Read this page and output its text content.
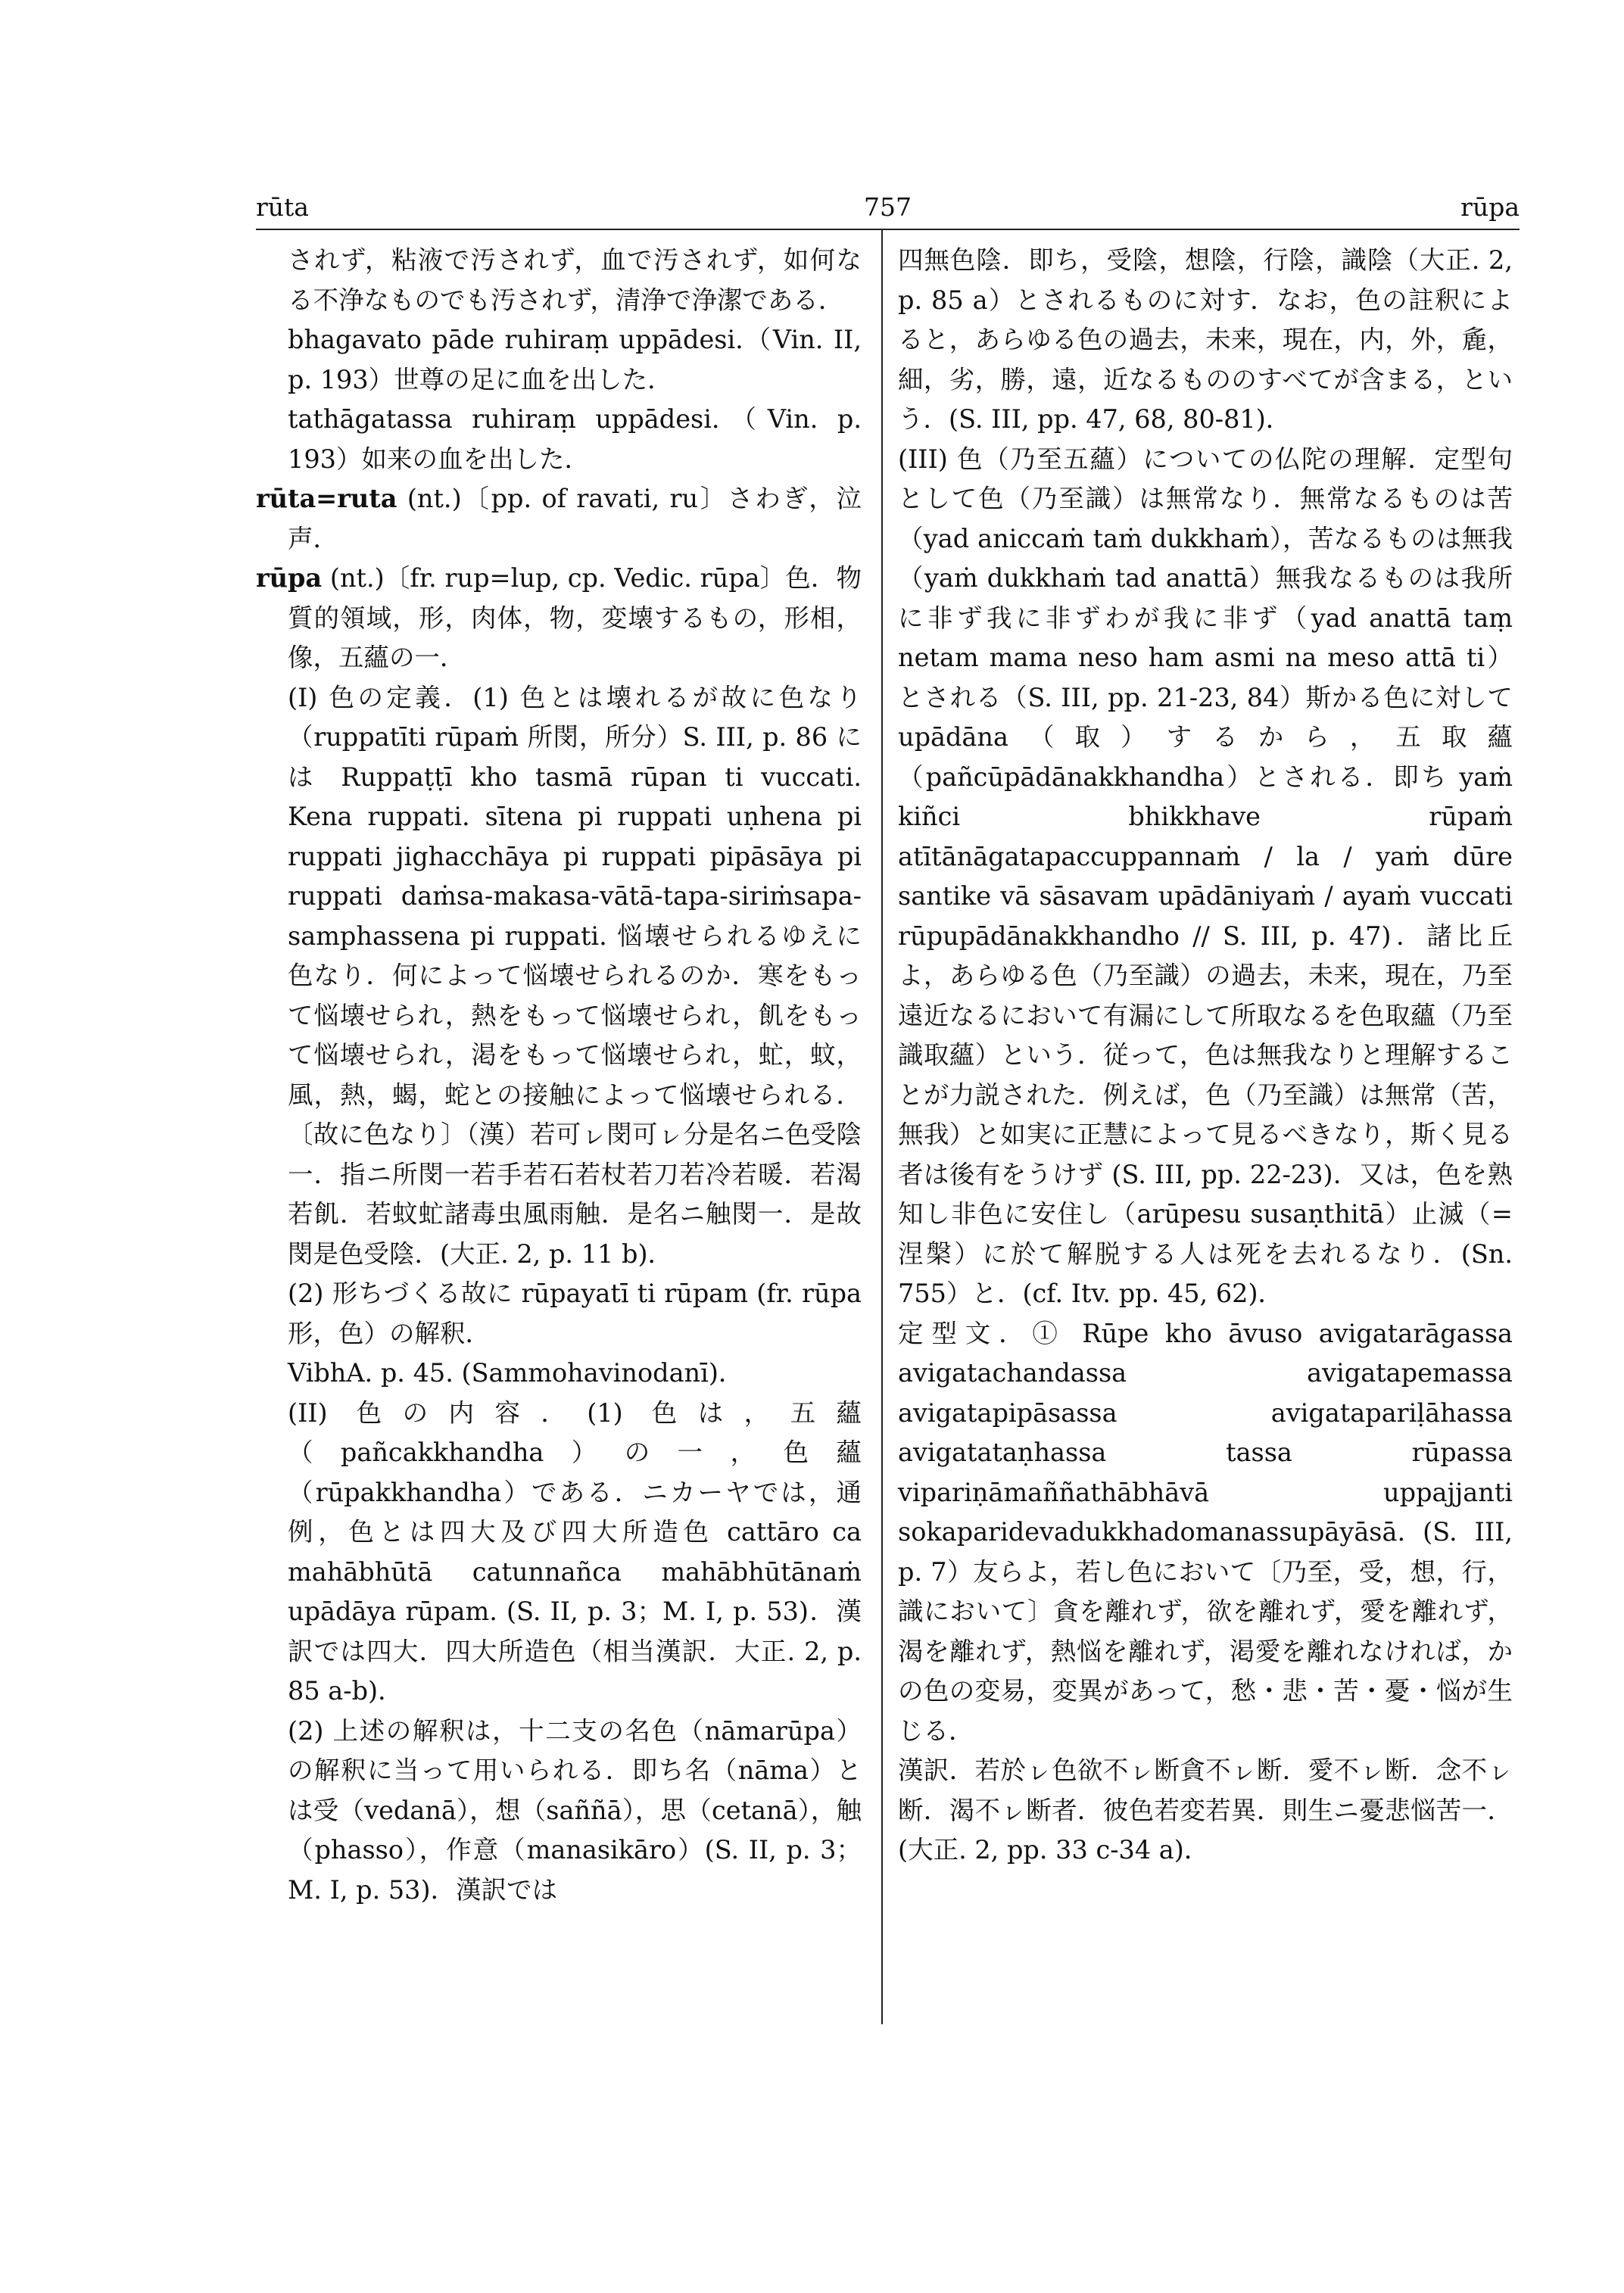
rūta	757	rūpa

されず，粘液で汚されず，血で汚されず，如何なる不浄なものでも汚されず，清浄で浄潔である．

bhagavato pāde ruhiraṃ uppādesi.（Vin. II, p. 193）世尊の足に血を出した．

tathāgatassa ruhiraṃ uppādesi.（Vin. p. 193）如来の血を出した．

rūta=ruta (nt.)〔pp. of ravati, ru〕さわぎ，泣声．

rūpa (nt.)〔fr. rup=lup, cp. Vedic. rūpa〕色．物質的領域，形，肉体，物，変壊するもの，形相，像，五蘊の一．

(I) 色の定義．(1) 色とは壊れるが故に色なり（ruppatīti rūpaṁ 所閔，所分）S. III, p. 86 には Ruppaṭṭī kho tasmā rūpan ti vuccati. Kena ruppati. sītena pi ruppati uṇhena pi ruppati jighacchāya pi ruppati pipāsāya pi ruppati daṁsa-makasa-vātā-tapa-siriṁsapa-samphassena pi ruppati. 悩壊せられるゆえに色なり．何によって悩壊せられるのか．寒をもって悩壊せられ，熱をもって悩壊せられ，飢をもって悩壊せられ，渇をもって悩壊せられ，虻，蚊，風，熱，蝎，蛇との接触によって悩壊せられる．〔故に色なり〕（漢）若可ㇾ閔可ㇾ分是名ニ色受陰一．指ニ所閔一若手若石若杖若刀若冷若暖．若渴若飢．若蚊虻諸毒虫風雨触．是名ニ触閔一．是故閔是色受陰．(大正. 2, p. 11 b)．

(2) 形ちづくる故に rūpayatī ti rūpam (fr. rūpa 形，色）の解釈．

VibhA. p. 45. (Sammohavinodanī)．

(II) 色の内容．(1) 色は，五蘊（pañcakkhandha）の一，色蘊（rūpakkhandha）である．ニカーヤでは，通例，色とは四大及び四大所造色 cattāro ca mahābhūtā catunnañca mahābhūtānaṁ upādāya rūpam. (S. II, p. 3；M. I, p. 53)．漢訳では四大．四大所造色（相当漢訳．大正. 2, p. 85 a-b)．

(2) 上述の解釈は，十二支の名色（nāmarūpa）の解釈に当って用いられる．即ち名（nāma）とは受（vedanā），想（saññā），思（cetanā），触（phasso），作意（manasikāro）(S. II, p. 3；M. I, p. 53)．漢訳では

四無色陰．即ち，受陰，想陰，行陰，識陰（大正. 2, p. 85 a）とされるものに対す．なお，色の註釈によると，あらゆる色の過去，未来，現在，内，外，麁，細，劣，勝，遠，近なるもののすべてが含まる，という．(S. III, pp. 47, 68, 80-81)．

(III) 色（乃至五蘊）についての仏陀の理解．定型句として色（乃至識）は無常なり．無常なるものは苦（yad aniccaṁ taṁ dukkhaṁ），苦なるものは無我（yaṁ dukkhaṁ tad anattā）無我なるものは我所に非ず我に非ずわが我に非ず（yad anattā taṃ netam mama neso ham asmi na meso attā ti）とされる（S. III, pp. 21-23, 84）斯かる色に対して upādāna（取）するから，五取蘊（pañcūpādānakkhandha）とされる．即ち yaṁ kiñci bhikkhave rūpaṁ atītānāgatapaccuppannaṁ / la / yaṁ dūre santike vā sāsavam upādāniyaṁ / ayaṁ vuccati rūpupādānakkhandho // S. III, p. 47)．諸比丘よ，あらゆる色（乃至識）の過去，未来，現在，乃至遠近なるにおいて有漏にして所取なるを色取蘊（乃至識取蘊）という．従って，色は無我なりと理解することが力説された．例えば，色（乃至識）は無常（苦，無我）と如実に正慧によって見るべきなり，斯く見る者は後有をうけず (S. III, pp. 22-23)．又は，色を熟知し非色に安住し（arūpesu susaṇthitā）止滅（=涅槃）に於て解脱する人は死を去れるなり．(Sn. 755）と．(cf. Itv. pp. 45, 62)．

定型文．① Rūpe kho āvuso avigatarāgassa avigatachandassa avigatapemassa avigatapipāsassa avigatapariḷāhassa avigatataṇhassa tassa rūpassa vipariṇāmaññathābhāvā uppajjanti sokaparidevadukkhadomanassupāyāsā. (S. III, p. 7）友らよ，若し色において〔乃至，受，想，行，識において〕貪を離れず，欲を離れず，愛を離れず，渴を離れず，熱悩を離れず，渇愛を離れなければ，かの色の変易，変異があって，愁・悲・苦・憂・悩が生じる．

漢訳．若於ㇾ色欲不ㇾ断貪不ㇾ断．愛不ㇾ断．念不ㇾ断．渴不ㇾ断者．彼色若変若異．則生ニ憂悲悩苦一．(大正. 2, pp. 33 c-34 a)．
